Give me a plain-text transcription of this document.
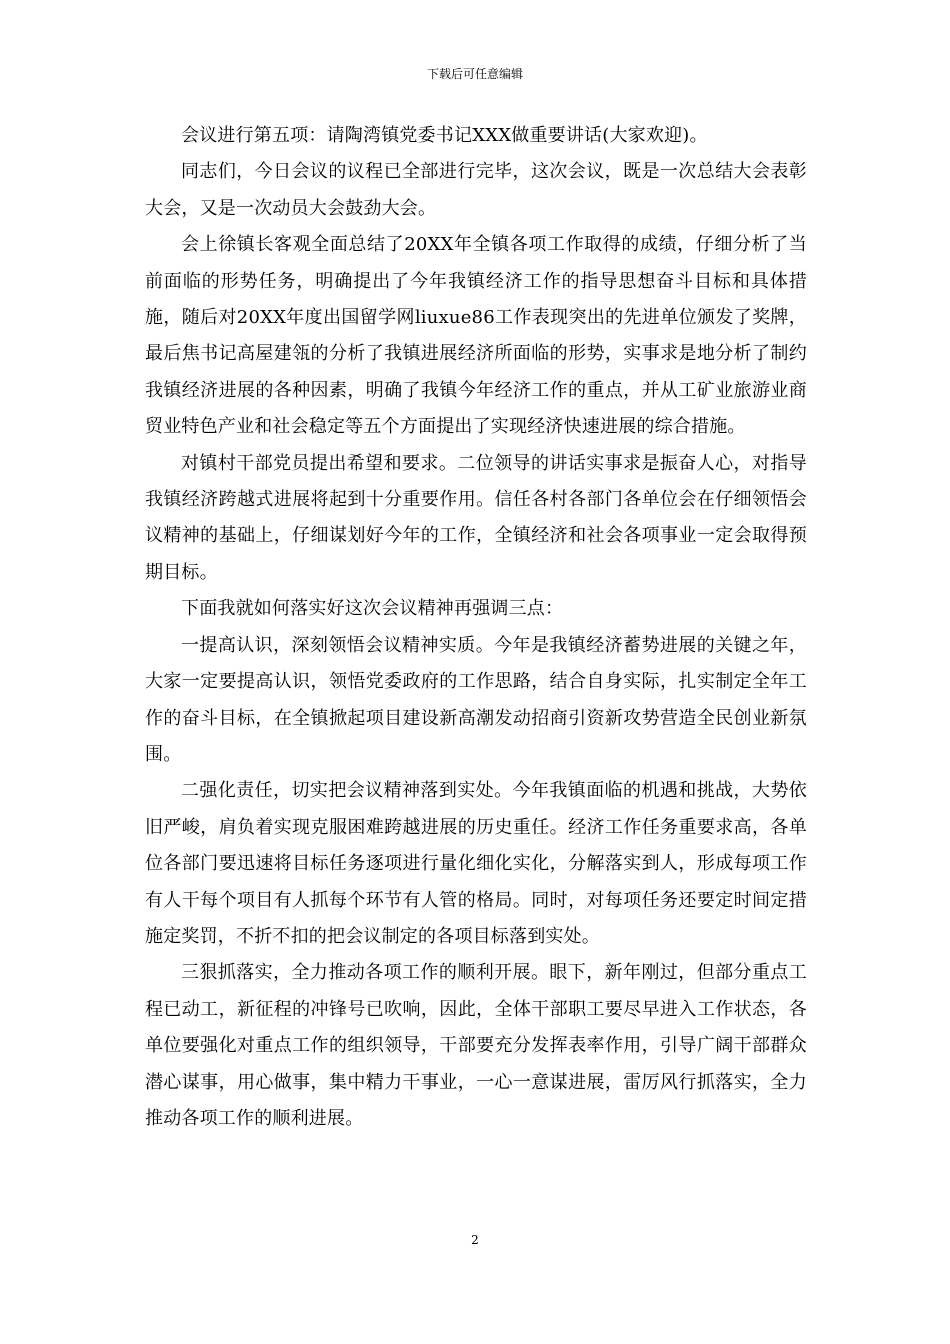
下载后可任意编辑

会议进行第五项：请陶湾镇党委书记XXX做重要讲话(大家欢迎)。

同志们，今日会议的议程已全部进行完毕，这次会议，既是一次总结大会表彰大会，又是一次动员大会鼓劲大会。

会上徐镇长客观全面总结了20XX年全镇各项工作取得的成绩，仔细分析了当前面临的形势任务，明确提出了今年我镇经济工作的指导思想奋斗目标和具体措施，随后对20XX年度出国留学网liuxue86工作表现突出的先进单位颁发了奖牌，最后焦书记高屋建瓴的分析了我镇进展经济所面临的形势，实事求是地分析了制约我镇经济进展的各种因素，明确了我镇今年经济工作的重点，并从工矿业旅游业商贸业特色产业和社会稳定等五个方面提出了实现经济快速进展的综合措施。

对镇村干部党员提出希望和要求。二位领导的讲话实事求是振奋人心，对指导我镇经济跨越式进展将起到十分重要作用。信任各村各部门各单位会在仔细领悟会议精神的基础上，仔细谋划好今年的工作，全镇经济和社会各项事业一定会取得预期目标。

下面我就如何落实好这次会议精神再强调三点：

一提高认识，深刻领悟会议精神实质。今年是我镇经济蓄势进展的关键之年，大家一定要提高认识，领悟党委政府的工作思路，结合自身实际，扎实制定全年工作的奋斗目标，在全镇掀起项目建设新高潮发动招商引资新攻势营造全民创业新氛围。

二强化责任，切实把会议精神落到实处。今年我镇面临的机遇和挑战，大势依旧严峻，肩负着实现克服困难跨越进展的历史重任。经济工作任务重要求高，各单位各部门要迅速将目标任务逐项进行量化细化实化，分解落实到人，形成每项工作有人干每个项目有人抓每个环节有人管的格局。同时，对每项任务还要定时间定措施定奖罚，不折不扣的把会议制定的各项目标落到实处。

三狠抓落实，全力推动各项工作的顺利开展。眼下，新年刚过，但部分重点工程已动工，新征程的冲锋号已吹响，因此，全体干部职工要尽早进入工作状态，各单位要强化对重点工作的组织领导，干部要充分发挥表率作用，引导广阔干部群众潜心谋事，用心做事，集中精力干事业，一心一意谋进展，雷厉风行抓落实，全力推动各项工作的顺利进展。

2
